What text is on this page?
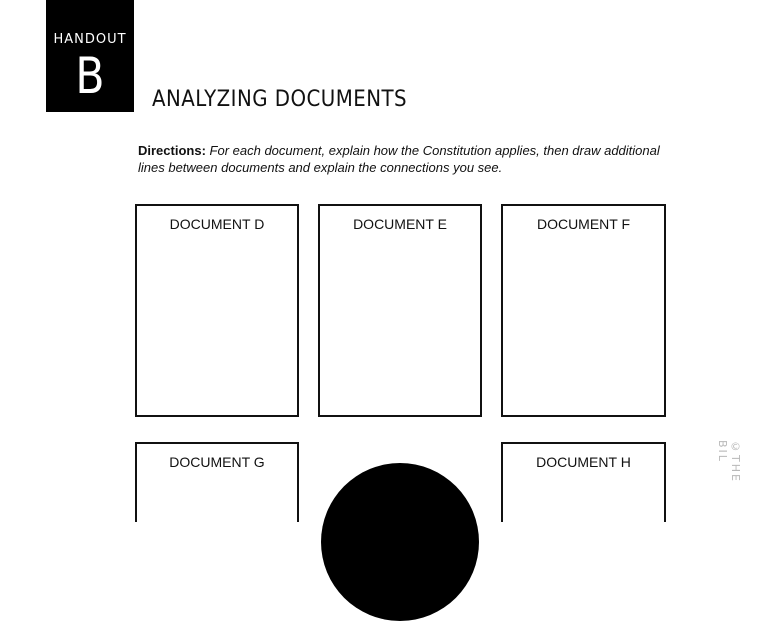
HANDOUT
B	ANALYZING DOCUMENTS
Directions: For each document, explain how the Constitution applies, then draw additional lines between documents and explain the connections you see.
DOCUMENT D	DOCUMENT E	DOCUMENT F
DOCUMENT G	DOCUMENT H	©THE BIL
